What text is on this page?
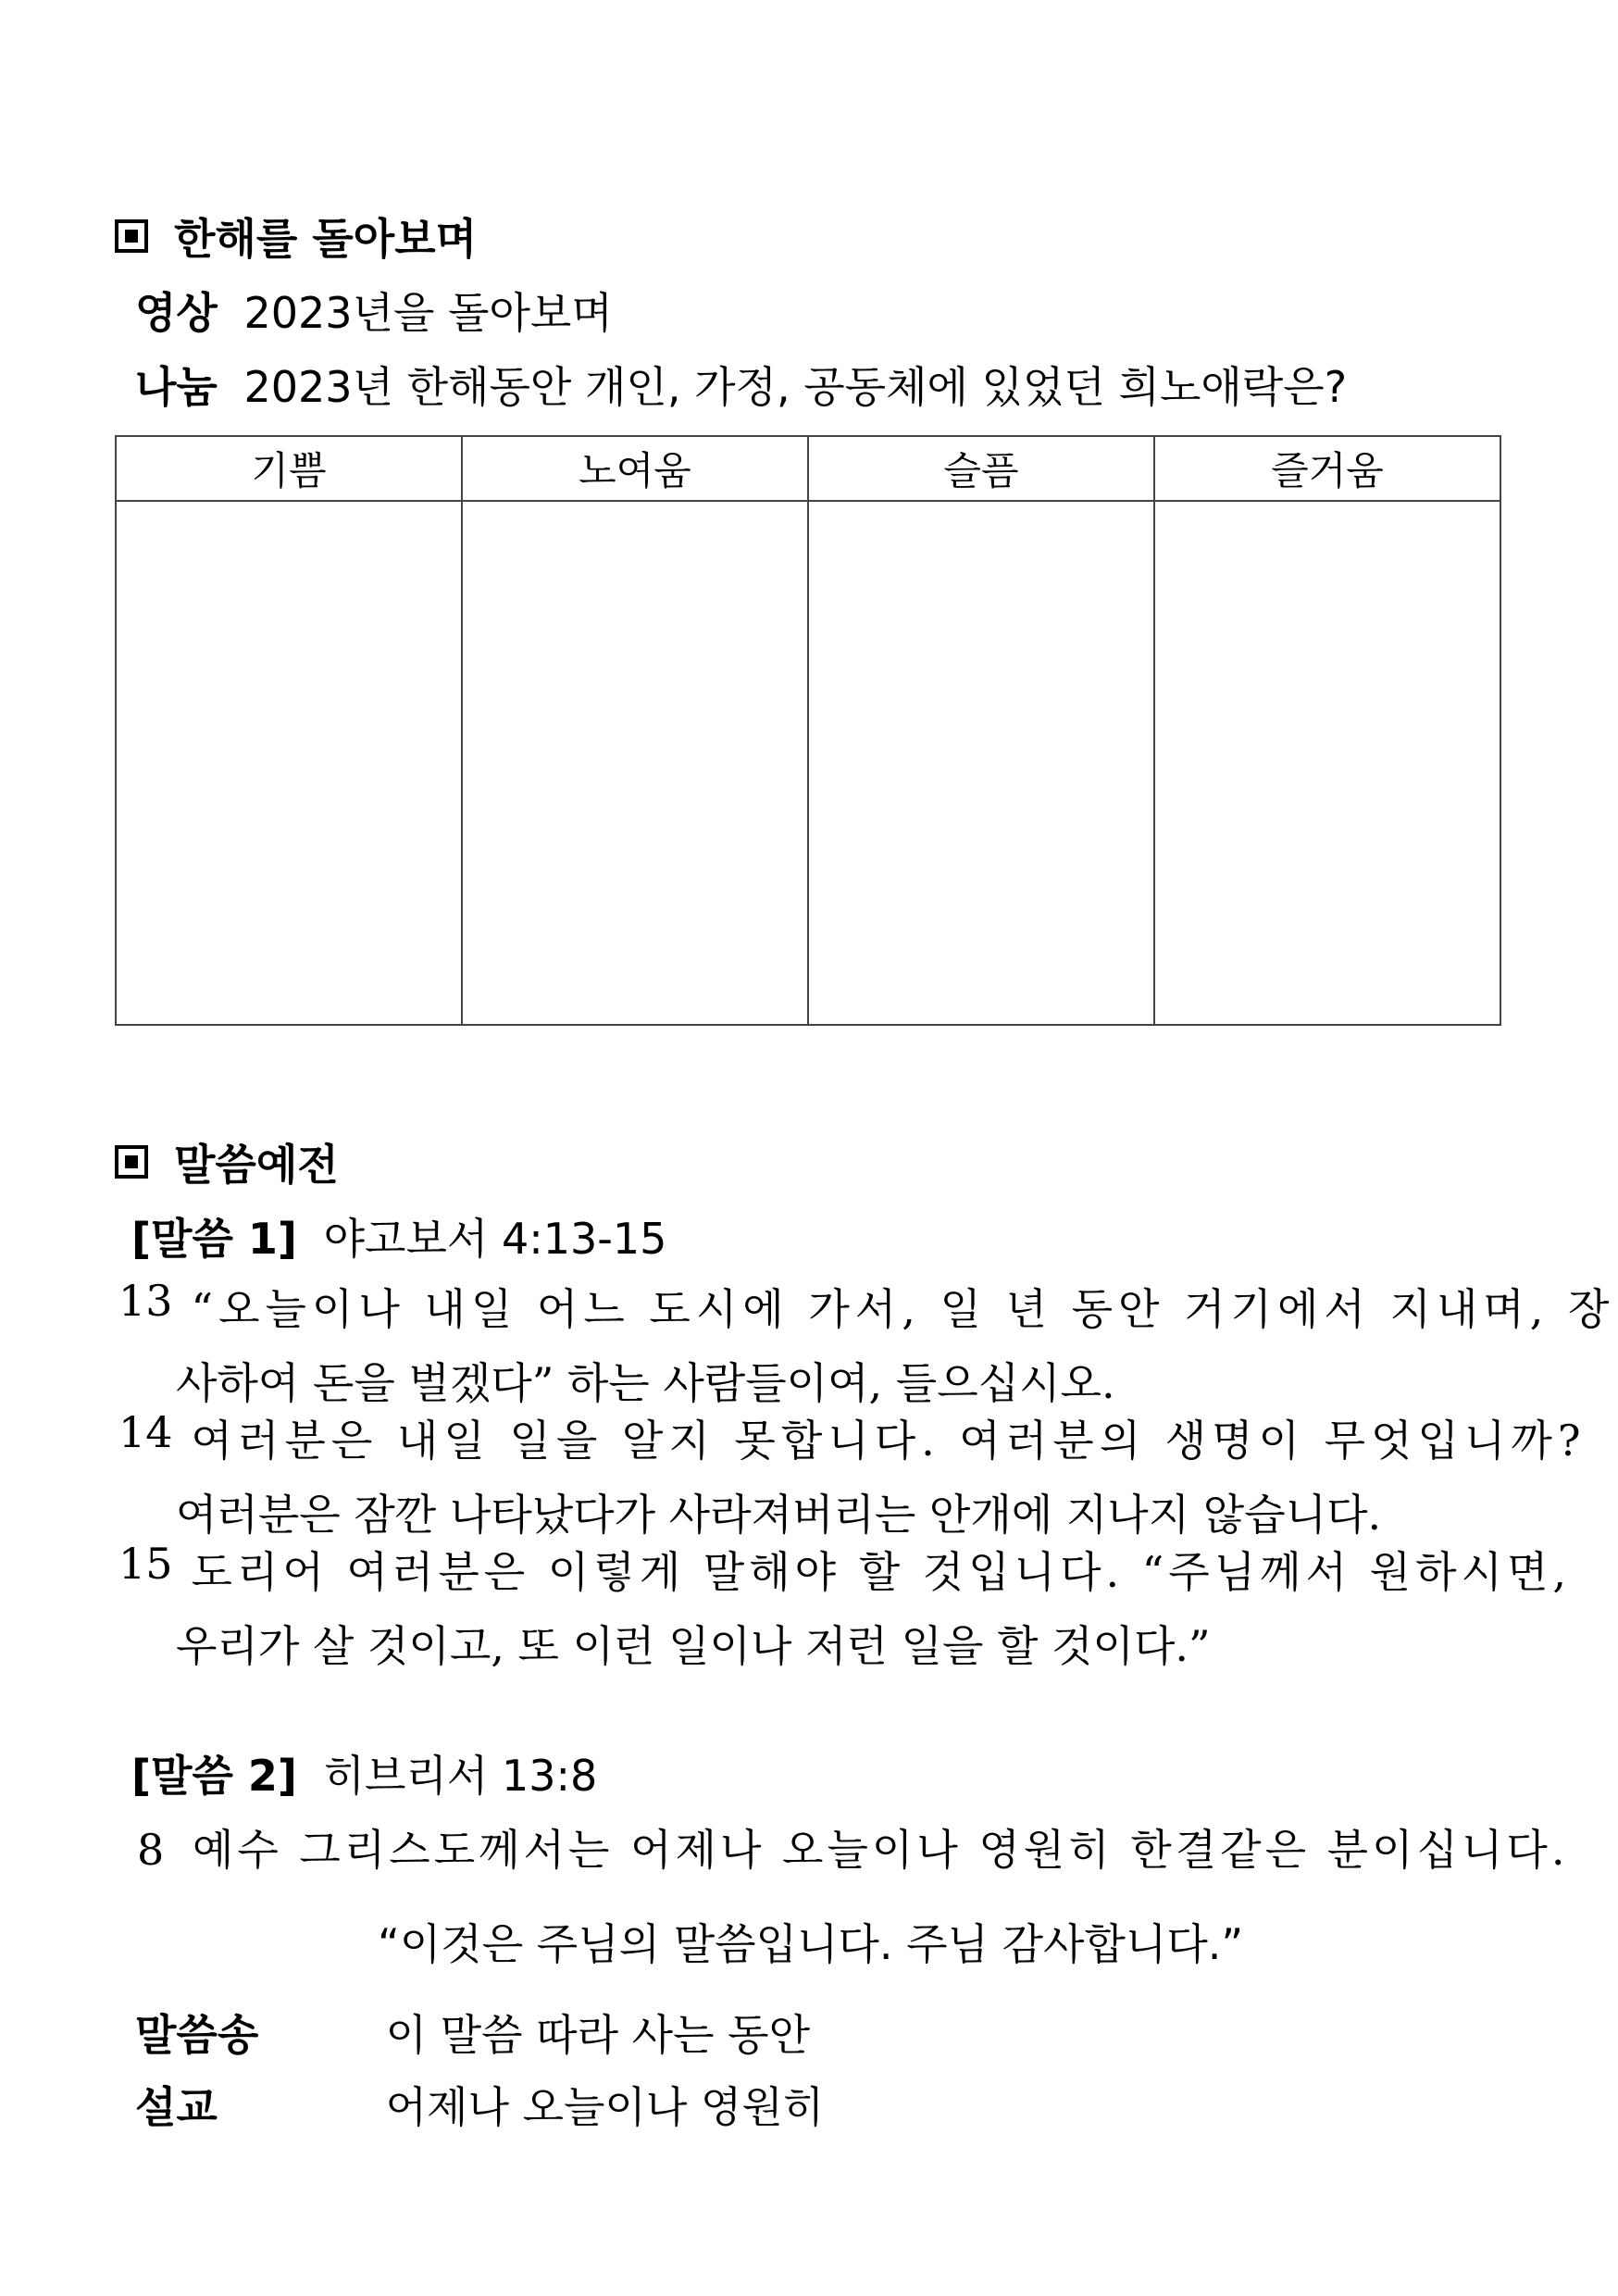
한해를 돌아보며
영상 2023년을 돌아보며
나눔 2023년 한해동안 개인, 가정, 공동체에 있었던 희노애락은?
기쁨	노여움	슬픔	즐거움

말씀예전
[말씀 1] 야고보서 4:13-15
13 “오늘이나 내일 어느 도시에 가서, 일 년 동안 거기에서 지내며, 장
사하여 돈을 벌겠다” 하는 사람들이여, 들으십시오.
14 여러분은 내일 일을 알지 못합니다. 여러분의 생명이 무엇입니까?
여러분은 잠깐 나타났다가 사라져버리는 안개에 지나지 않습니다.
15 도리어 여러분은 이렇게 말해야 할 것입니다. “주님께서 원하시면,
우리가 살 것이고, 또 이런 일이나 저런 일을 할 것이다.”
[말씀 2] 히브리서 13:8
8 예수 그리스도께서는 어제나 오늘이나 영원히 한결같은 분이십니다.
“이것은 주님의 말씀입니다. 주님 감사합니다.”
말씀송	이 말씀 따라 사는 동안
설교	어제나 오늘이나 영원히
